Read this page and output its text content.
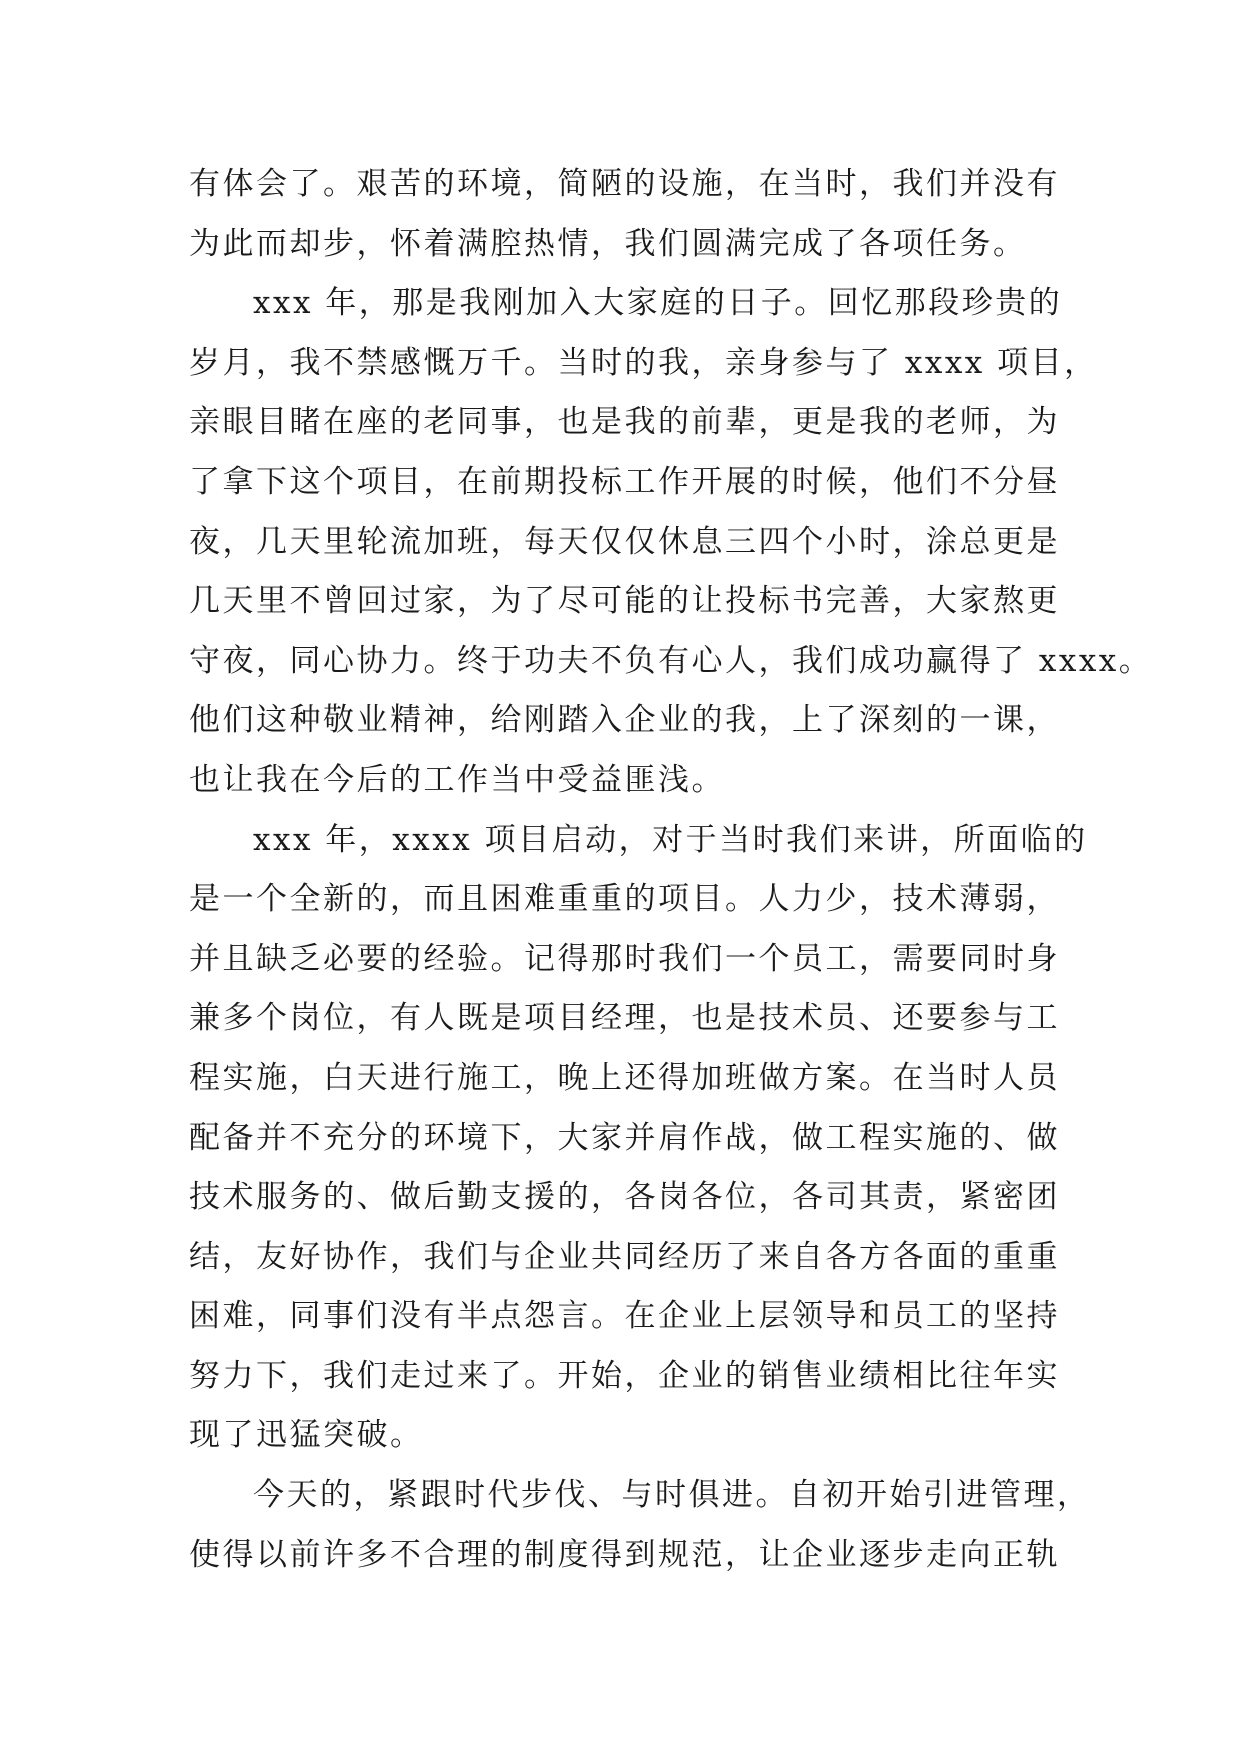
有体会了。艰苦的环境，简陋的设施，在当时，我们并没有
为此而却步，怀着满腔热情，我们圆满完成了各项任务。
xxx 年，那是我刚加入大家庭的日子。回忆那段珍贵的
岁月，我不禁感慨万千。当时的我，亲身参与了 xxxx 项目，
亲眼目睹在座的老同事，也是我的前辈，更是我的老师，为
了拿下这个项目，在前期投标工作开展的时候，他们不分昼
夜，几天里轮流加班，每天仅仅休息三四个小时，涂总更是
几天里不曾回过家，为了尽可能的让投标书完善，大家熬更
守夜，同心协力。终于功夫不负有心人，我们成功赢得了 xxxx。
他们这种敬业精神，给刚踏入企业的我，上了深刻的一课，
也让我在今后的工作当中受益匪浅。
xxx 年，xxxx 项目启动，对于当时我们来讲，所面临的
是一个全新的，而且困难重重的项目。人力少，技术薄弱，
并且缺乏必要的经验。记得那时我们一个员工，需要同时身
兼多个岗位，有人既是项目经理，也是技术员、还要参与工
程实施，白天进行施工，晚上还得加班做方案。在当时人员
配备并不充分的环境下，大家并肩作战，做工程实施的、做
技术服务的、做后勤支援的，各岗各位，各司其责，紧密团
结，友好协作，我们与企业共同经历了来自各方各面的重重
困难，同事们没有半点怨言。在企业上层领导和员工的坚持
努力下，我们走过来了。开始，企业的销售业绩相比往年实
现了迅猛突破。
今天的，紧跟时代步伐、与时俱进。自初开始引进管理，
使得以前许多不合理的制度得到规范，让企业逐步走向正轨
